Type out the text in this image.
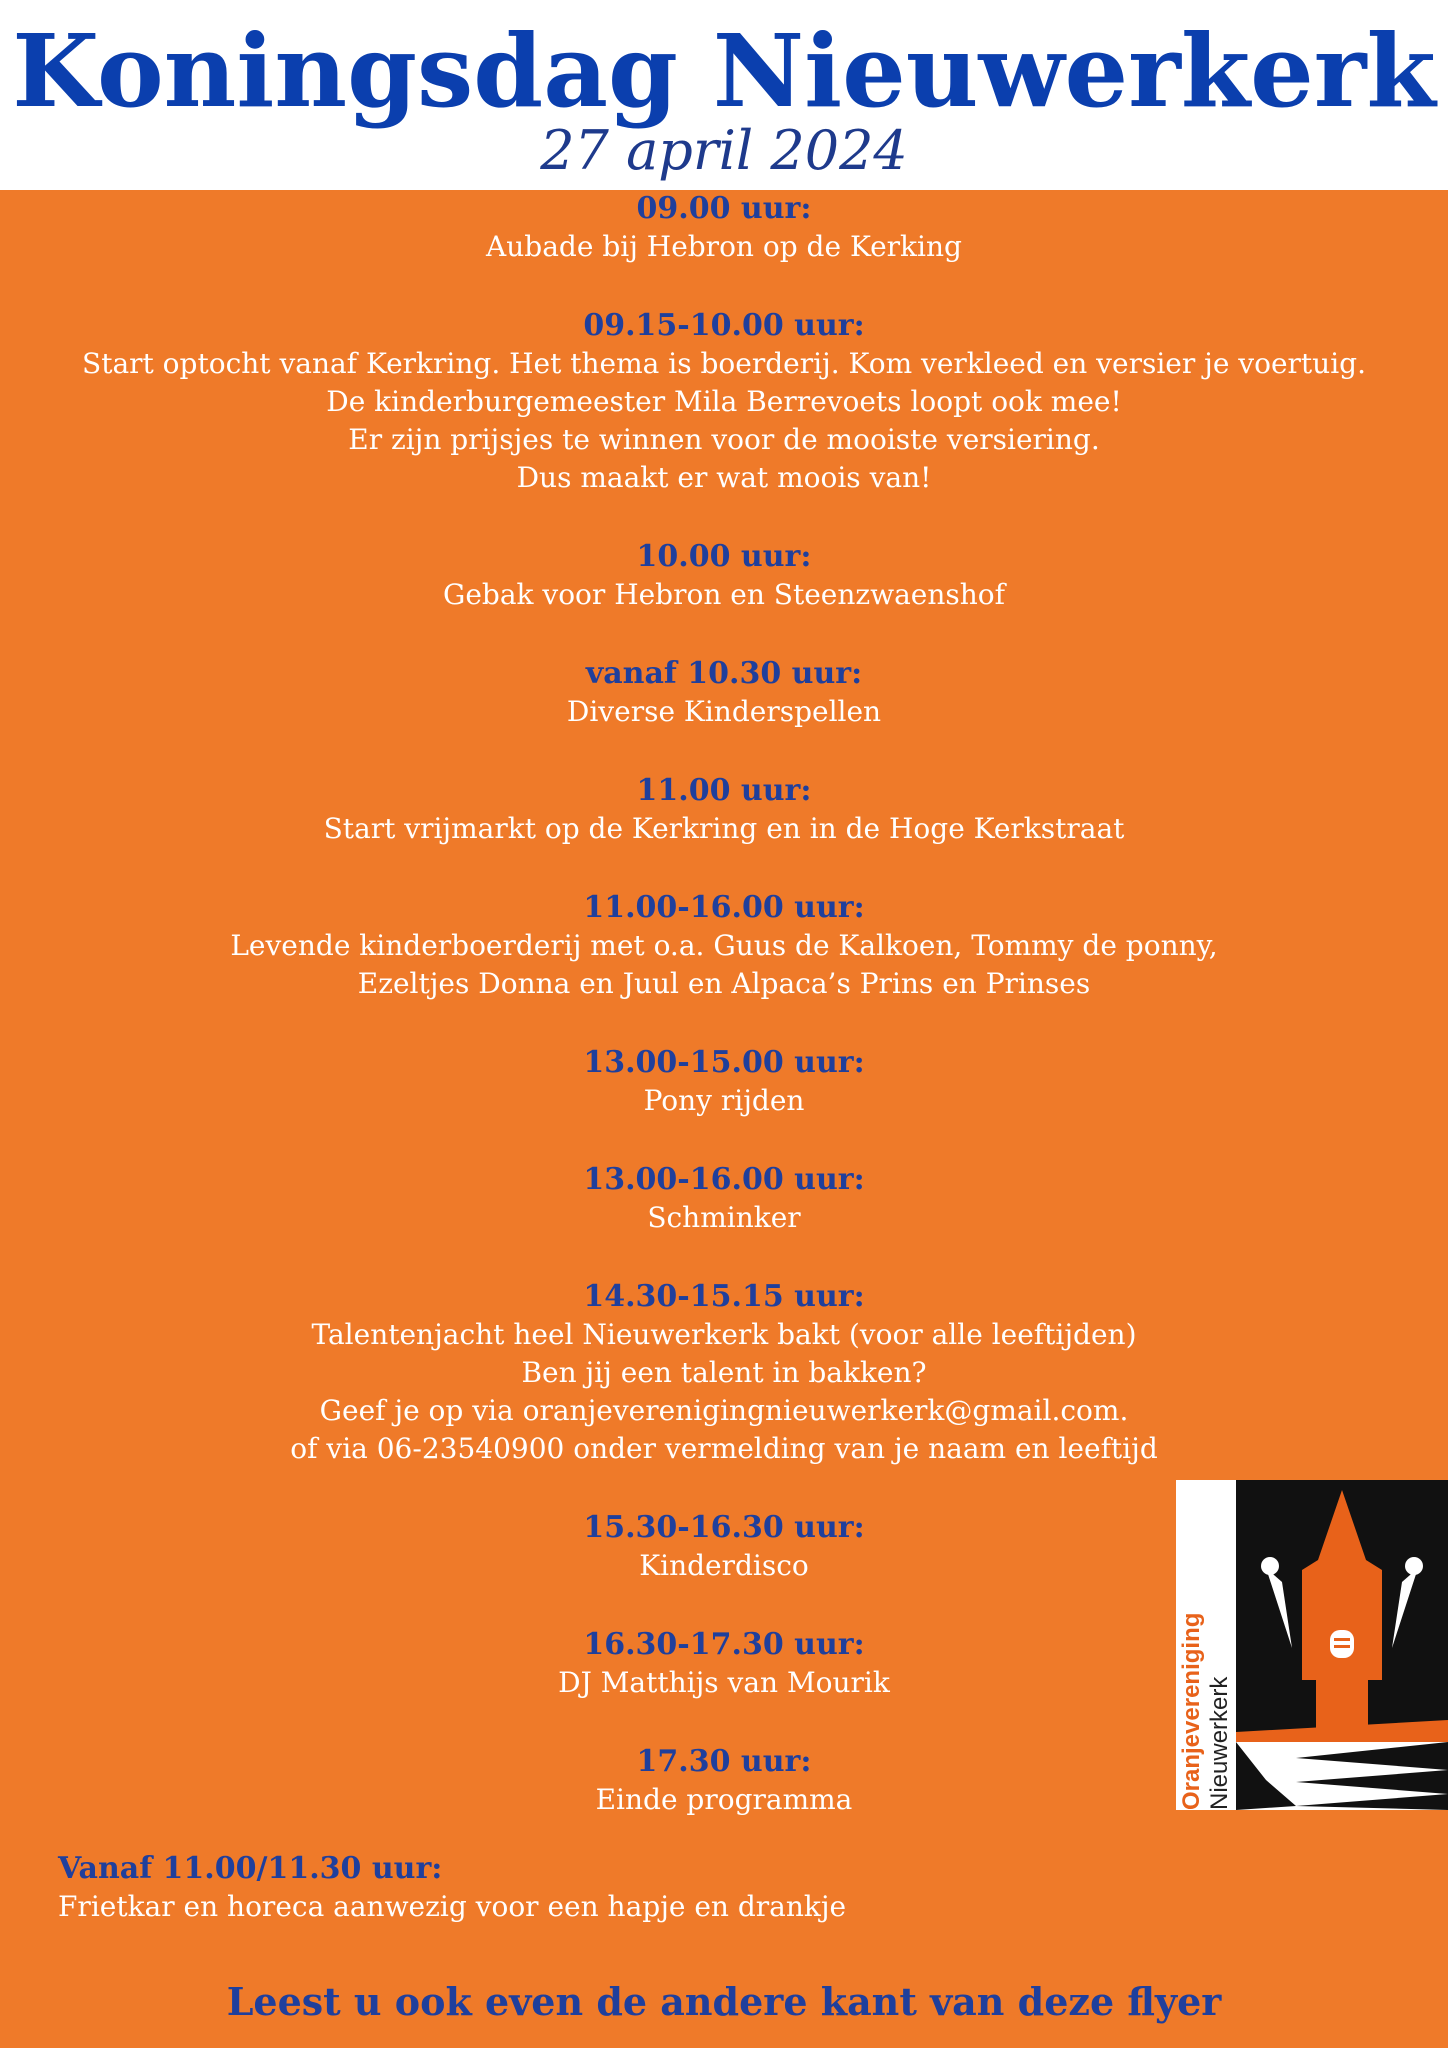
Koningsdag Nieuwerkerk
27 april 2024
09.00 uur:
Aubade bij Hebron op de Kerking
09.15-10.00 uur:
Start optocht vanaf Kerkring. Het thema is boerderij. Kom verkleed en versier je voertuig.
De kinderburgemeester Mila Berrevoets loopt ook mee!
Er zijn prijsjes te winnen voor de mooiste versiering.
Dus maakt er wat moois van!
10.00 uur:
Gebak voor Hebron en Steenzwaenshof
vanaf 10.30 uur:
Diverse Kinderspellen
11.00 uur:
Start vrijmarkt op de Kerkring en in de Hoge Kerkstraat
11.00-16.00 uur:
Levende kinderboerderij met o.a. Guus de Kalkoen, Tommy de ponny,
Ezeltjes Donna en Juul en Alpaca’s Prins en Prinses
13.00-15.00 uur:
Pony rijden
13.00-16.00 uur:
Schminker
14.30-15.15 uur:
Talentenjacht heel Nieuwerkerk bakt (voor alle leeftijden)
Ben jij een talent in bakken?
Geef je op via oranjeverenigingnieuwerkerk@gmail.com.
of via 06-23540900 onder vermelding van je naam en leeftijd
15.30-16.30 uur:
Kinderdisco
16.30-17.30 uur:
DJ Matthijs van Mourik
17.30 uur:
Einde programma
Vanaf 11.00/11.30 uur:
Frietkar en horeca aanwezig voor een hapje en drankje
Leest u ook even de andere kant van deze flyer
Oranjevereniging Nieuwerkerk
